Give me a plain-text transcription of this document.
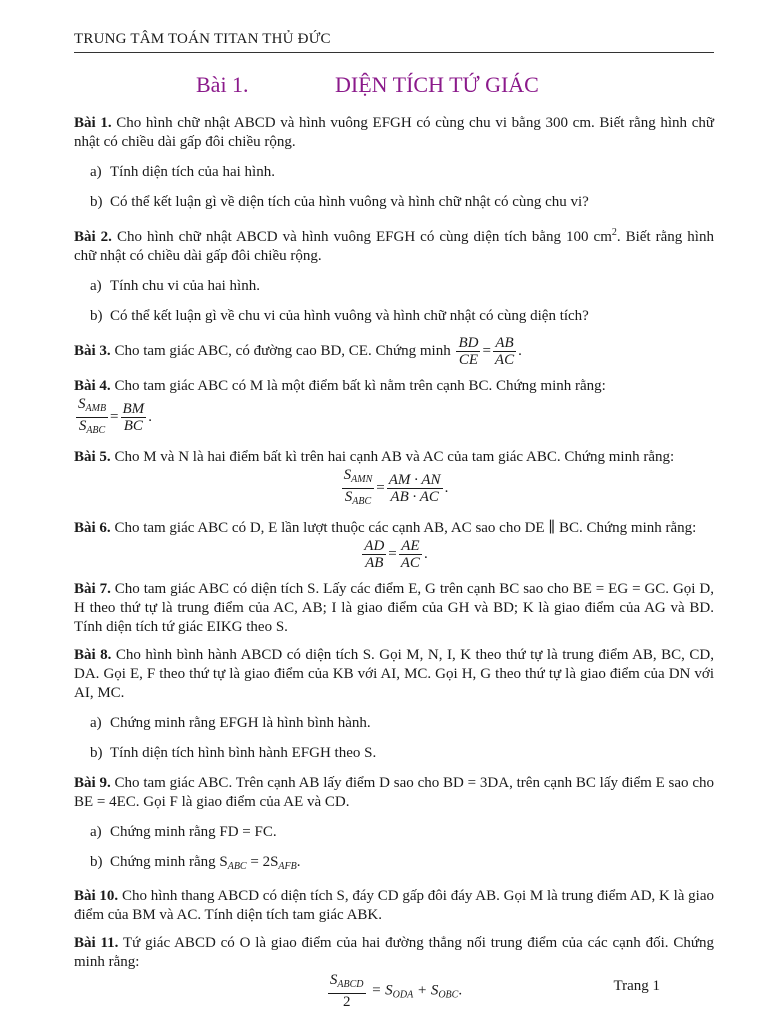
TRUNG TÂM TOÁN TITAN THỦ ĐỨC
Bài 1.	DIỆN TÍCH TỨ GIÁC

Bài 1. Cho hình chữ nhật ABCD và hình vuông EFGH có cùng chu vi bằng 300 cm. Biết rằng hình chữ nhật có chiều dài gấp đôi chiều rộng.

a) Tính diện tích của hai hình.

b) Có thể kết luận gì về diện tích của hình vuông và hình chữ nhật có cùng chu vi?

Bài 2. Cho hình chữ nhật ABCD và hình vuông EFGH có cùng diện tích bằng 100 $cm^2$. Biết rằng hình chữ nhật có chiều dài gấp đôi chiều rộng.

a) Tính chu vi của hai hình.

b) Có thể kết luận gì về chu vi của hình vuông và hình chữ nhật có cùng diện tích?

Bài 3. Cho tam giác ABC, có đường cao BD, CE. Chứng minh $\frac{BD}{CE} = \frac{AB}{AC}$ .

Bài 4. Cho tam giác ABC có M là một điểm bất kì nằm trên cạnh BC. Chứng minh rằng:

$\frac{S_{AMB}}{S_{ABC}} = \frac{BM}{BC}$ .

Bài 5. Cho M và N là hai điểm bất kì trên hai cạnh AB và AC của tam giác ABC. Chứng minh rằng:

$\frac{S_{AMN}}{S_{ABC}} = \frac{AM \cdot AN}{AB \cdot AC}$ .

Bài 6. Cho tam giác ABC có D, E lần lượt thuộc các cạnh AB, AC sao cho DE ∥ BC. Chứng minh rằng:

$\frac{AD}{AB} = \frac{AE}{AC}$ .

Bài 7. Cho tam giác ABC có diện tích S. Lấy các điểm E, G trên cạnh BC sao cho BE = EG = GC. Gọi D, H theo thứ tự là trung điểm của AC, AB; I là giao điểm của GH và BD; K là giao điểm của AG và BD. Tính diện tích tứ giác EIKG theo S.

Bài 8. Cho hình bình hành ABCD có diện tích S. Gọi M, N, I, K theo thứ tự là trung điểm AB, BC, CD, DA. Gọi E, F theo thứ tự là giao điểm của KB với AI, MC. Gọi H, G theo thứ tự là giao điểm của DN với AI, MC.

a) Chứng minh rằng EFGH là hình bình hành.

b) Tính diện tích hình bình hành EFGH theo S.

Bài 9. Cho tam giác ABC. Trên cạnh AB lấy điểm D sao cho BD = 3DA, trên cạnh BC lấy điểm E sao cho BE = 4EC. Gọi F là giao điểm của AE và CD.

a) Chứng minh rằng FD = FC.

b) Chứng minh rằng $S_{ABC} = 2S_{AFB}$.

Bài 10. Cho hình thang ABCD có diện tích S, đáy CD gấp đôi đáy AB. Gọi M là trung điểm AD, K là giao điểm của BM và AC. Tính diện tích tam giác ABK.

Bài 11. Tứ giác ABCD có O là giao điểm của hai đường thẳng nối trung điểm của các cạnh đối. Chứng minh rằng:

$\frac{S_{ABCD}}{2} = S_{ODA} + S_{OBC}$.	Trang 1
